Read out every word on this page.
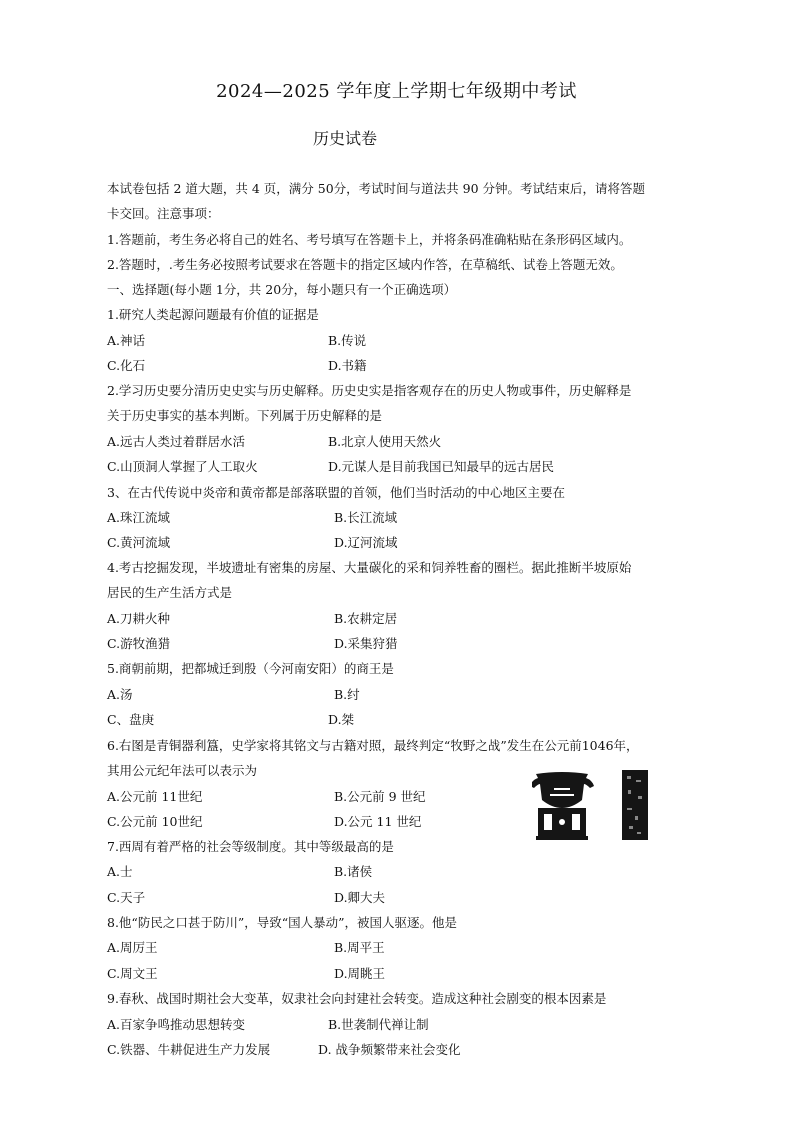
2024—2025 学年度上学期七年级期中考试
历史试卷
本试卷包括 2 道大题，共 4 页，满分 50分，考试时间与道法共 90 分钟。考试结束后，请将答题
卡交回。注意事项：
1.答题前，考生务必将自己的姓名、考号填写在答题卡上，并将条码准确粘贴在条形码区域内。
2.答题时，.考生务必按照考试要求在答题卡的指定区域内作答，在草稿纸、试卷上答题无效。
一、选择题(每小题 1分，共 20分，每小题只有一个正确选项）
1.研究人类起源问题最有价值的证据是
A.神话	B.传说
C.化石	D.书籍
2.学习历史要分清历史史实与历史解释。历史史实是指客观存在的历史人物或事件，历史解释是
关于历史事实的基本判断。下列属于历史解释的是
A.远古人类过着群居水活	B.北京人使用天然火
C.山顶洞人掌握了人工取火	D.元谋人是目前我国已知最早的远古居民
3、在古代传说中炎帝和黄帝都是部落联盟的首领，他们当时活动的中心地区主要在
A.珠江流域	B.长江流域
C.黄河流域	D.辽河流域
4.考古挖掘发现，半坡遗址有密集的房屋、大量碳化的采和饲养牲畜的圈栏。据此推断半坡原始
居民的生产生活方式是
A.刀耕火种	B.农耕定居
C.游牧渔猎	D.采集狩猎
5.商朝前期，把都城迁到殷（今河南安阳）的商王是
A.汤	B.纣
C、盘庚	D.桀
6.右图是青铜器利簋，史学家将其铭文与古籍对照，最终判定“牧野之战”发生在公元前1046年，
其用公元纪年法可以表示为
A.公元前 11世纪	B.公元前 9 世纪
C.公元前 10世纪	D.公元 11 世纪
7.西周有着严格的社会等级制度。其中等级最高的是
A.士	B.诸侯
C.天子	D.卿大夫
8.他“防民之口甚于防川”，导致“国人暴动”，被国人驱逐。他是
A.周厉王	B.周平王
C.周文王	D.周眺王
9.春秋、战国时期社会大变革，奴隶社会向封建社会转变。造成这种社会剧变的根本因素是
A.百家争鸣推动思想转变	B.世袭制代禅让制
C.铁器、牛耕促进生产力发展	D. 战争频繁带来社会变化
